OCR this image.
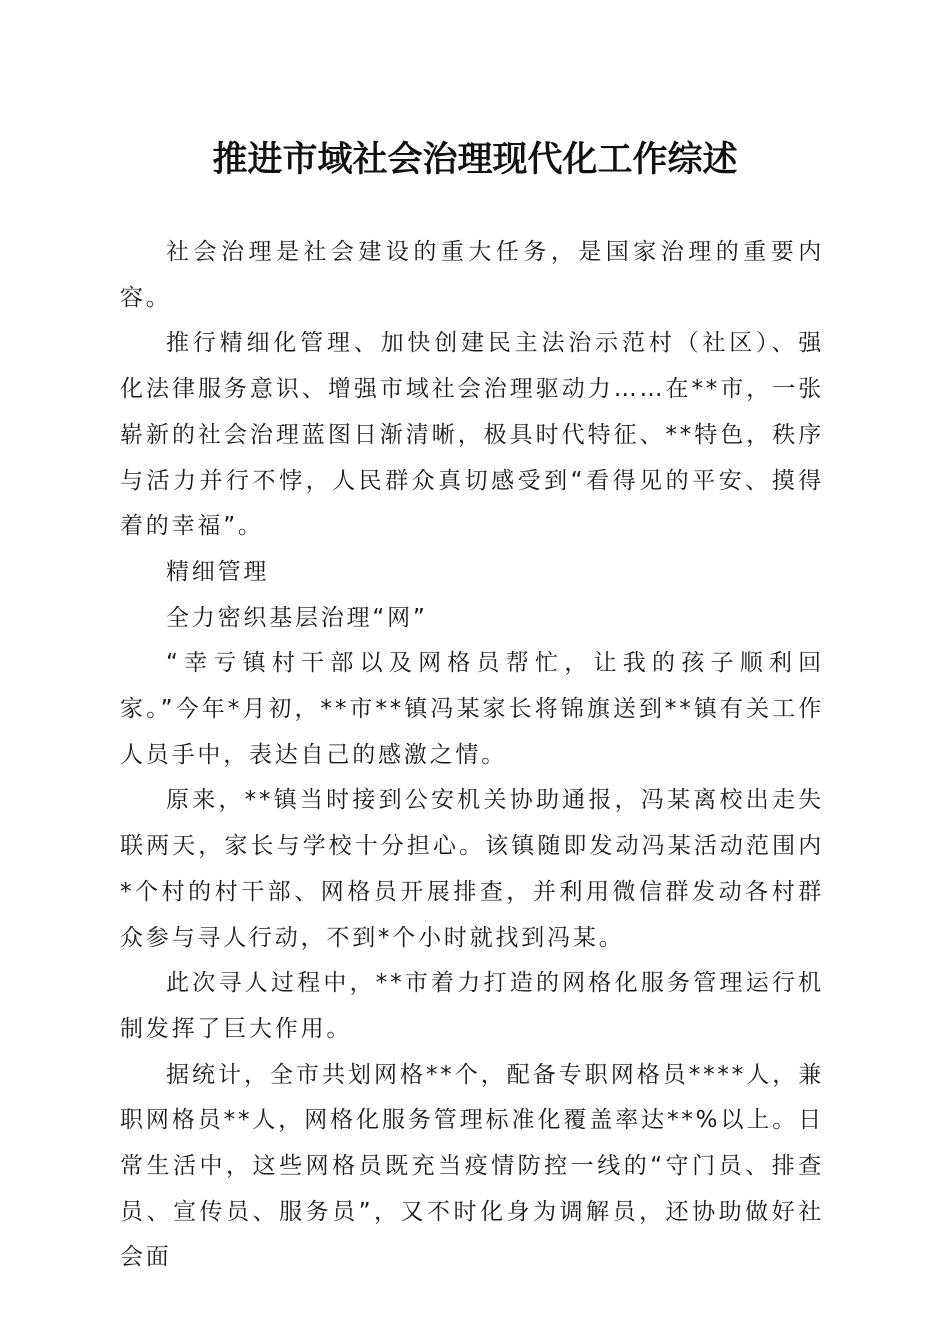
推进市域社会治理现代化工作综述

社会治理是社会建设的重大任务，是国家治理的重要内容。

推行精细化管理、加快创建民主法治示范村（社区）、强化法律服务意识、增强市域社会治理驱动力……在**市，一张崭新的社会治理蓝图日渐清晰，极具时代特征、**特色，秩序与活力并行不悖，人民群众真切感受到“看得见的平安、摸得着的幸福”。

精细管理

全力密织基层治理“网”

“幸亏镇村干部以及网格员帮忙，让我的孩子顺利回家。”今年*月初，**市**镇冯某家长将锦旗送到**镇有关工作人员手中，表达自己的感激之情。

原来，**镇当时接到公安机关协助通报，冯某离校出走失联两天，家长与学校十分担心。该镇随即发动冯某活动范围内*个村的村干部、网格员开展排查，并利用微信群发动各村群众参与寻人行动，不到*个小时就找到冯某。

此次寻人过程中，**市着力打造的网格化服务管理运行机制发挥了巨大作用。

据统计，全市共划网格**个，配备专职网格员****人，兼职网格员**人，网格化服务管理标准化覆盖率达**%以上。日常生活中，这些网格员既充当疫情防控一线的“守门员、排查员、宣传员、服务员”，又不时化身为调解员，还协助做好社会面
